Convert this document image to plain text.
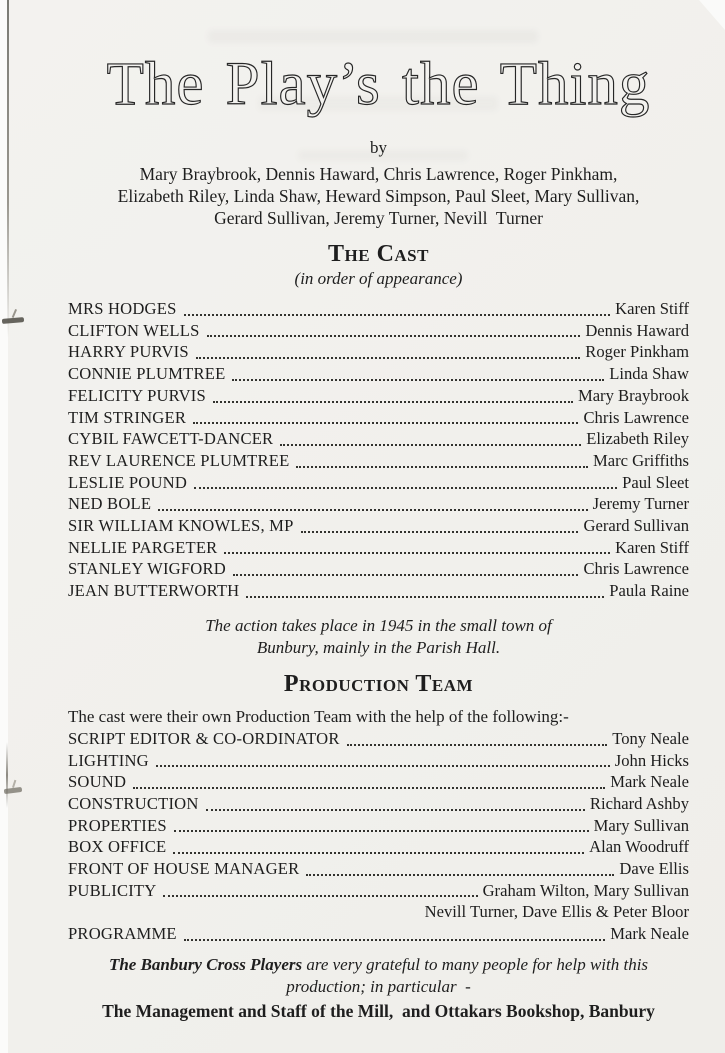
The Play’s the Thing
by
Mary Braybrook, Dennis Haward, Chris Lawrence, Roger Pinkham,
Elizabeth Riley, Linda Shaw, Heward Simpson, Paul Sleet, Mary Sullivan,
Gerard Sullivan, Jeremy Turner, Nevill  Turner
The Cast
(in order of appearance)
MRS HODGES	Karen Stiff
CLIFTON WELLS	Dennis Haward
HARRY PURVIS	Roger Pinkham
CONNIE PLUMTREE	Linda Shaw
FELICITY PURVIS	Mary Braybrook
TIM STRINGER	Chris Lawrence
CYBIL FAWCETT-DANCER	Elizabeth Riley
REV LAURENCE PLUMTREE	Marc Griffiths
LESLIE POUND	Paul Sleet
NED BOLE	Jeremy Turner
SIR WILLIAM KNOWLES, MP	Gerard Sullivan
NELLIE PARGETER	Karen Stiff
STANLEY WIGFORD	Chris Lawrence
JEAN BUTTERWORTH	Paula Raine
The action takes place in 1945 in the small town of
Bunbury, mainly in the Parish Hall.
Production Team
The cast were their own Production Team with the help of the following:-
SCRIPT EDITOR & CO-ORDINATOR	Tony Neale
LIGHTING	John Hicks
SOUND	Mark Neale
CONSTRUCTION	Richard Ashby
PROPERTIES	Mary Sullivan
BOX OFFICE	Alan Woodruff
FRONT OF HOUSE MANAGER	Dave Ellis
PUBLICITY	Graham Wilton, Mary Sullivan
Nevill Turner, Dave Ellis & Peter Bloor
PROGRAMME	Mark Neale
The Banbury Cross Players are very grateful to many people for help with this
production; in particular  -
The Management and Staff of the Mill,  and Ottakars Bookshop, Banbury
